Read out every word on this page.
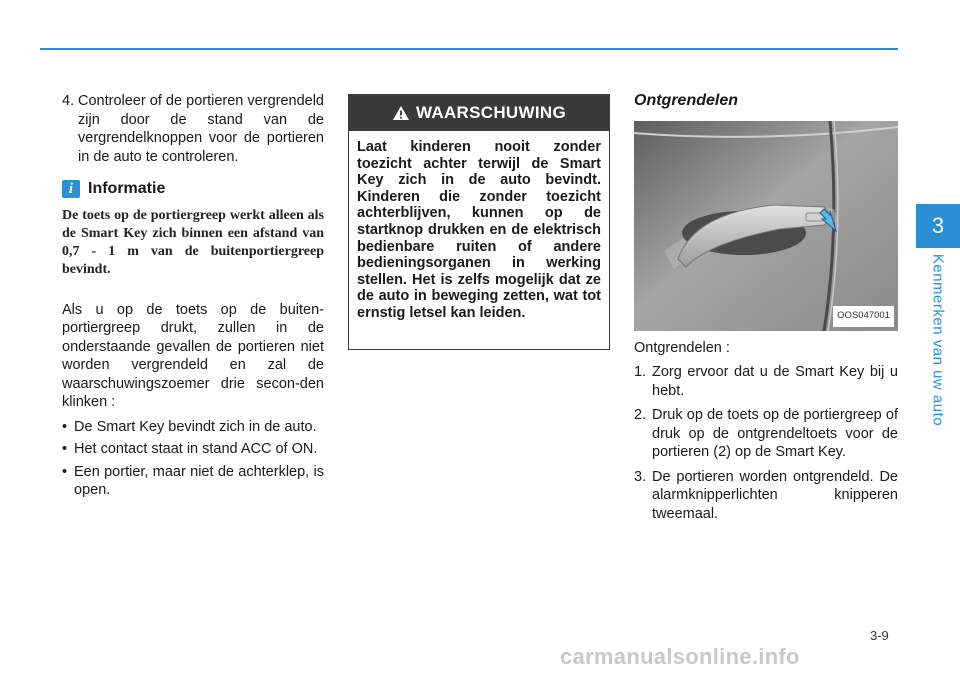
4. Controleer of de portieren vergrendeld zijn door de stand van de vergrendelknoppen voor de portieren in de auto te controleren.
i Informatie
De toets op de portiergreep werkt alleen als de Smart Key zich binnen een afstand van 0,7 - 1 m van de buitenportiergreep bevindt.
Als u op de toets op de buiten-portiergreep drukt, zullen in de onderstaande gevallen de portieren niet worden vergrendeld en zal de waarschuwingszoemer drie secon-den klinken :
• De Smart Key bevindt zich in de auto.
• Het contact staat in stand ACC of ON.
• Een portier, maar niet de achterklep, is open.
WAARSCHUWING
Laat kinderen nooit zonder toezicht achter terwijl de Smart Key zich in de auto bevindt. Kinderen die zonder toezicht achterblijven, kunnen op de startknop drukken en de elektrisch bedienbare ruiten of andere bedieningsorganen in werking stellen. Het is zelfs mogelijk dat ze de auto in beweging zetten, wat tot ernstig letsel kan leiden.
Ontgrendelen
OOS047001
Ontgrendelen :
1. Zorg ervoor dat u de Smart Key bij u hebt.
2. Druk op de toets op de portiergreep of druk op de ontgrendeltoets voor de portieren (2) op de Smart Key.
3. De portieren worden ontgrendeld. De alarmknipperlichten knipperen tweemaal.
3
Kenmerken van uw auto
3-9
carmanualsonline.info
